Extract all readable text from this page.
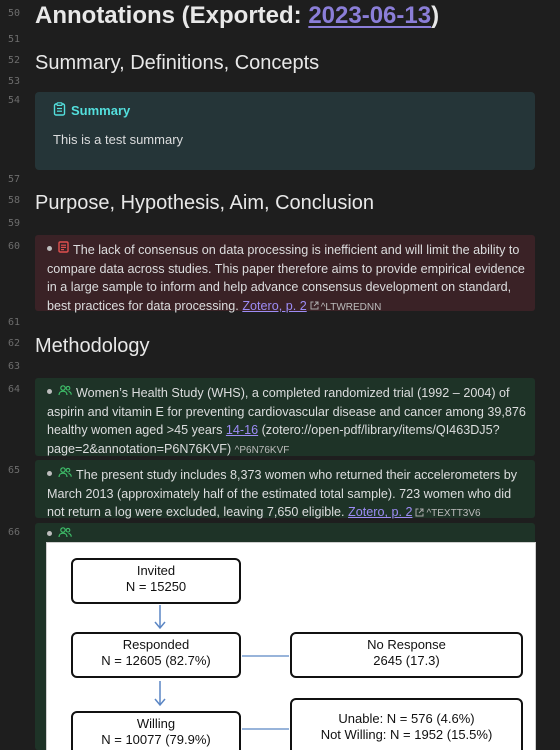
50
51
52
53
54
57
58
59
60
61
62
63
64
65
66
Annotations (Exported: 2023-06-13)
Summary, Definitions, Concepts
Summary
This is a test summary
Purpose, Hypothesis, Aim, Conclusion
The lack of consensus on data processing is inefficient and will limit the ability to compare data across studies. This paper therefore aims to provide empirical evidence in a large sample to inform and help advance consensus development on standard, best practices for data processing. Zotero, p. 2 ^LTWREDNN
Methodology
Women’s Health Study (WHS), a completed randomized trial (1992 – 2004) of aspirin and vitamin E for preventing cardiovascular disease and cancer among 39,876 healthy women aged >45 years 14-16 (zotero://open-pdf/library/items/QI463DJ5?page=2&annotation=P6N76KVF) ^P6N76KVF
The present study includes 8,373 women who returned their accelerometers by March 2013 (approximately half of the estimated total sample). 723 women who did not return a log were excluded, leaving 7,650 eligible. Zotero, p. 2 ^TEXTT3V6
Invited
N = 15250
Responded
N = 12605 (82.7%)
No Response
2645 (17.3)
Willing
N = 10077 (79.9%)
Unable: N = 576 (4.6%)
Not Willing: N = 1952 (15.5%)
